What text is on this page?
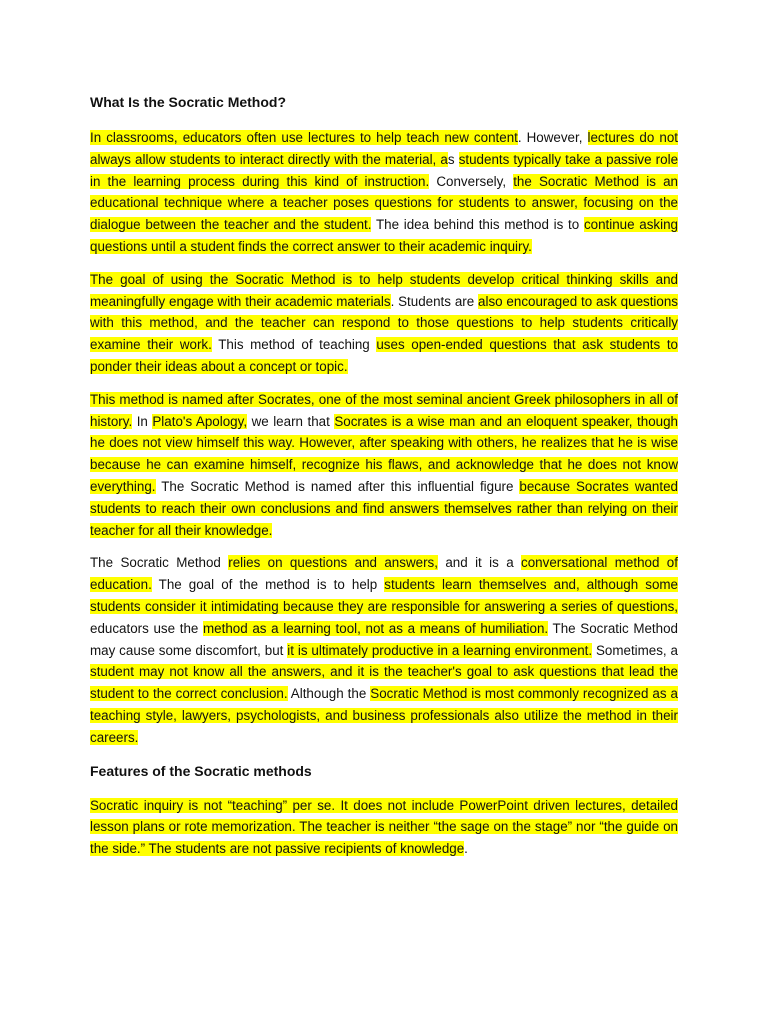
What Is the Socratic Method?

In classrooms, educators often use lectures to help teach new content. However, lectures do not always allow students to interact directly with the material, as students typically take a passive role in the learning process during this kind of instruction. Conversely, the Socratic Method is an educational technique where a teacher poses questions for students to answer, focusing on the dialogue between the teacher and the student. The idea behind this method is to continue asking questions until a student finds the correct answer to their academic inquiry.

The goal of using the Socratic Method is to help students develop critical thinking skills and meaningfully engage with their academic materials. Students are also encouraged to ask questions with this method, and the teacher can respond to those questions to help students critically examine their work. This method of teaching uses open-ended questions that ask students to ponder their ideas about a concept or topic.

This method is named after Socrates, one of the most seminal ancient Greek philosophers in all of history. In Plato's Apology, we learn that Socrates is a wise man and an eloquent speaker, though he does not view himself this way. However, after speaking with others, he realizes that he is wise because he can examine himself, recognize his flaws, and acknowledge that he does not know everything. The Socratic Method is named after this influential figure because Socrates wanted students to reach their own conclusions and find answers themselves rather than relying on their teacher for all their knowledge.

The Socratic Method relies on questions and answers, and it is a conversational method of education. The goal of the method is to help students learn themselves and, although some students consider it intimidating because they are responsible for answering a series of questions, educators use the method as a learning tool, not as a means of humiliation. The Socratic Method may cause some discomfort, but it is ultimately productive in a learning environment. Sometimes, a student may not know all the answers, and it is the teacher's goal to ask questions that lead the student to the correct conclusion. Although the Socratic Method is most commonly recognized as a teaching style, lawyers, psychologists, and business professionals also utilize the method in their careers.

Features of the Socratic methods

Socratic inquiry is not “teaching” per se. It does not include PowerPoint driven lectures, detailed lesson plans or rote memorization. The teacher is neither “the sage on the stage” nor “the guide on the side.” The students are not passive recipients of knowledge.
